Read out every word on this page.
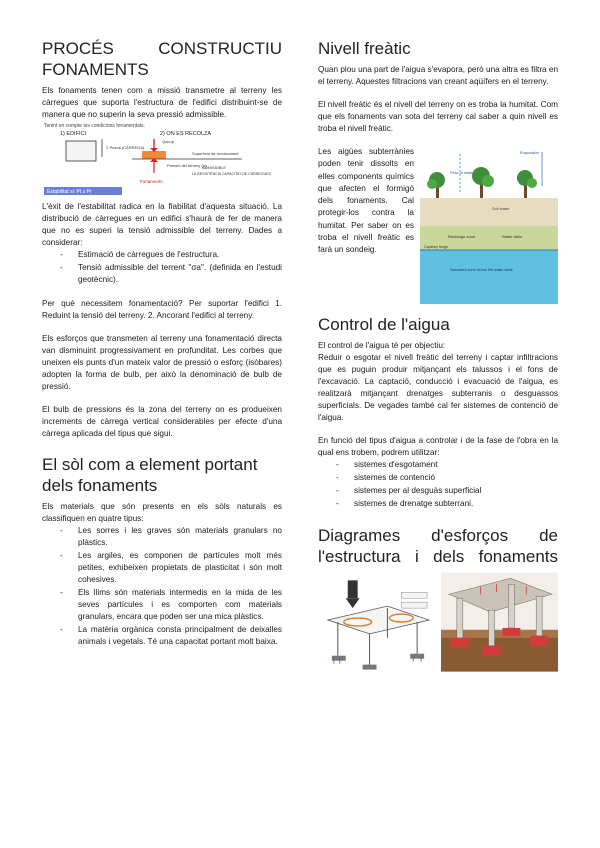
PROCÉS CONSTRUCTIU FONAMENTS

Els fonaments tenen com a missió transmetre al terreny les càrregues que suporta l'estructura de l'edifici distribuint-se de manera que no superin la seva pressió admissible.

Tenint en compte les condicions fonamentals.
1) EDIFICI	2) ON ES RECOLZA
Σ Pesos (CÀRREGA)
Quirup
Superfície de recolzament
Pressió del terreny (σ)
ADMISSIBLE
LA RESISTÈNCIA CAPACITAT DE CÀRREGUES
Fonaments
Estabilitat si: Pt ≥ Pr

L'èxit de l'estabilitat radica en la fiabilitat d'aquesta situació. La distribució de càrregues en un edifici s'haurà de fer de manera que no es superi la tensió admissible del terreny. Dades a considerar:

- Estimació de càrregues de l'estructura.
- Tensió admissible del terrent "σa". (definida en l'estudi geotècnic).

Per què necessitem fonamentació? Per suportar l'edifici 1. Reduint la tensió del terreny. 2. Ancorant l'edifici al terreny.

Els esforços que transmeten al terreny una fonamentació directa van disminuint progressivament en profunditat. Les corbes que uneixen els punts d'un mateix valor de pressió o esforç (isòbares) adopten la forma de bulb, per això la denominació de bulb de pressió.

El bulb de pressions és la zona del terreny on es produeixen increments de càrrega vertical considerables per efecte d'una càrrega aplicada del tipus que sigui.

El sòl com a element portant dels fonaments

Els materials que són presents en els sòls naturals es classifiquen en quatre tipus:

- Les sorres i les graves són materials granulars no plàstics.
- Les argiles, es componen de partícules molt més petites, exhibeixen propietats de plasticitat i són molt cohesives.
- Els llims són materials intermedis en la mida de les seves partícules i es comporten com materials granulars, encara que poden ser una mica plàstics.
- La matèria orgànica consta principalment de deixalles animals i vegetals. Té una capacitat portant molt baixa.
Nivell freàtic

Quan plou una part de l'aigua s'evapora, però una altra es filtra en el terreny. Aquestes filtracions van creant aqüífers en el terreny.

El nivell freàtic és el nivell del terreny on es troba la humitat. Com que els fonaments van sota del terreny cal saber a quin nivell es troba el nivell freàtic.

Les aigües subterrànies poden tenir dissolts en elles components químics que afecten el formigó dels fonaments. Cal protegir-los contra la humitat. Per saber on es troba el nivell freàtic es farà un sondeig.

Flow of water
Evaporation
Soil water
Recharge zone	Water table
Capillary fringe
Saturated zone below the water table
Control de l'aigua

El control de l'aigua té per objectiu:

Reduir o esgotar el nivell freàtic del terreny i captar infiltracions que es puguin produir mitjançant els talussos i el fons de l'excavació. La captació, conducció i evacuació de l'aigua, es realitzarà mitjançant drenatges subterranis o desguassos superficials. De vegades també cal fer sistemes de contenció de l'aigua.

En funció del tipus d'aigua a controlar i de la fase de l'obra en la qual ens trobem, podrem utilitzar:

- sistemes d'esgotament
- sistemes de contenció
- sistemes per al desguàs superficial
- sistemes de drenatge subterrani.
Diagrames d'esforços de l'estructura i dels fonaments
